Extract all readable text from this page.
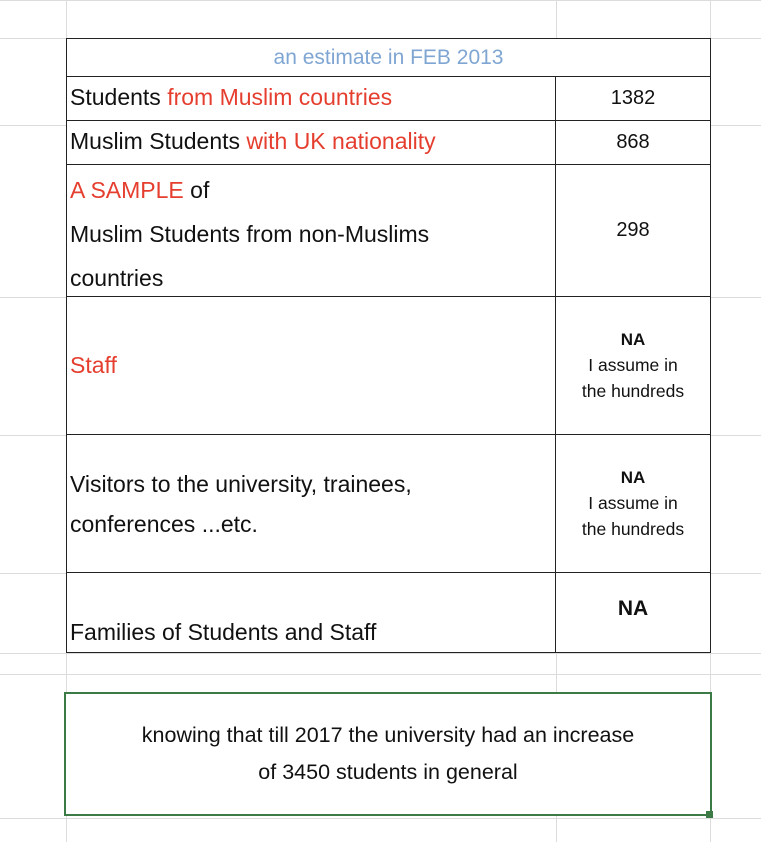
an estimate in FEB 2013
Students from Muslim countries	1382
Muslim Students with UK nationality	868
A SAMPLE of
Muslim Students from non-Muslims
countries
298
Staff
NA
I assume in
the hundreds
Visitors to the university, trainees,
conferences ...etc.
NA
I assume in
the hundreds
Families of Students and Staff
NA
knowing that till 2017 the university had an increase
of 3450 students in general
